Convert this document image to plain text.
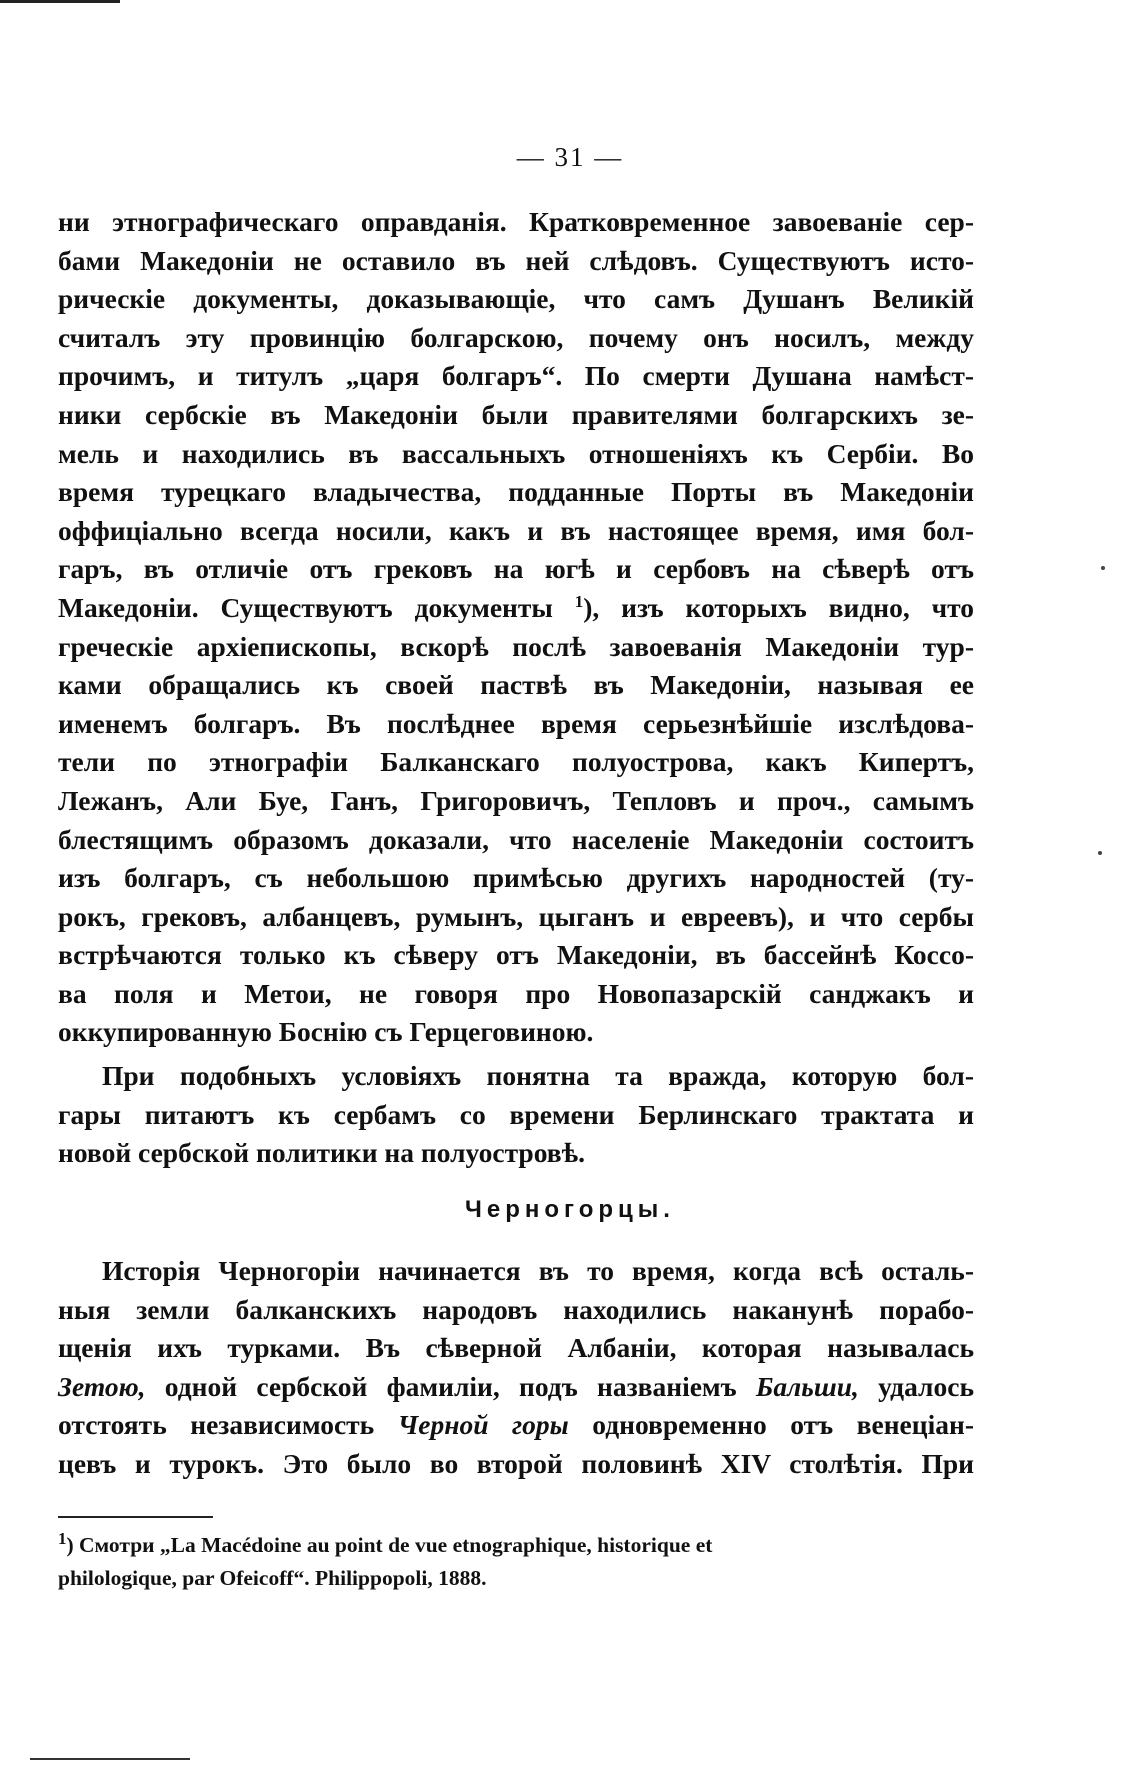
— 31 —
ни этнографическаго оправданія. Кратковременное завоеваніе сер-
бами Македоніи не оставило въ ней слѣдовъ. Существуютъ исто-
рическіе документы, доказывающіе, что самъ Душанъ Великій
считалъ эту провинцію болгарскою, почему онъ носилъ, между
прочимъ, и титулъ „царя болгаръ“. По смерти Душана намѣст-
ники сербскіе въ Македоніи были правителями болгарскихъ зе-
мель и находились въ вассальныхъ отношеніяхъ къ Сербіи. Во
время турецкаго владычества, подданные Порты въ Македоніи
оффиціально всегда носили, какъ и въ настоящее время, имя бол-
гаръ, въ отличіе отъ грековъ на югѣ и сербовъ на сѣверѣ отъ
Македоніи. Существуютъ документы $^1$), изъ которыхъ видно, что
греческіе архіепископы, вскорѣ послѣ завоеванія Македоніи тур-
ками обращались къ своей паствѣ въ Македоніи, называя ее
именемъ болгаръ. Въ послѣднее время серьезнѣйшіе изслѣдова-
тели по этнографіи Балканскаго полуострова, какъ Кипертъ,
Лежанъ, Али Буе, Ганъ, Григоровичъ, Тепловъ и проч., самымъ
блестящимъ образомъ доказали, что населеніе Македоніи состоитъ
изъ болгаръ, съ небольшою примѣсью другихъ народностей (ту-
рокъ, грековъ, албанцевъ, румынъ, цыганъ и евреевъ), и что сербы
встрѣчаются только къ сѣверу отъ Македоніи, въ бассейнѣ Коссо-
ва поля и Метои, не говоря про Новопазарскій санджакъ и
оккупированную Боснію съ Герцеговиною.
При подобныхъ условіяхъ понятна та вражда, которую бол-
гары питаютъ къ сербамъ со времени Берлинскаго трактата и
новой сербской политики на полуостровѣ.
Черногорцы.
Исторія Черногоріи начинается въ то время, когда всѣ осталь-
ныя земли балканскихъ народовъ находились наканунѣ порабо-
щенія ихъ турками. Въ сѣверной Албаніи, которая называлась
Зетою, одной сербской фамиліи, подъ названіемъ Бальши, удалось
отстоять независимость Черной горы одновременно отъ венеціан-
цевъ и турокъ. Это было во второй половинѣ XIV столѣтія. При
$^1$) Смотри „La Macédoine au point de vue etnographique, historique et
philologique, par Ofeicoff“. Philippopoli, 1888.
